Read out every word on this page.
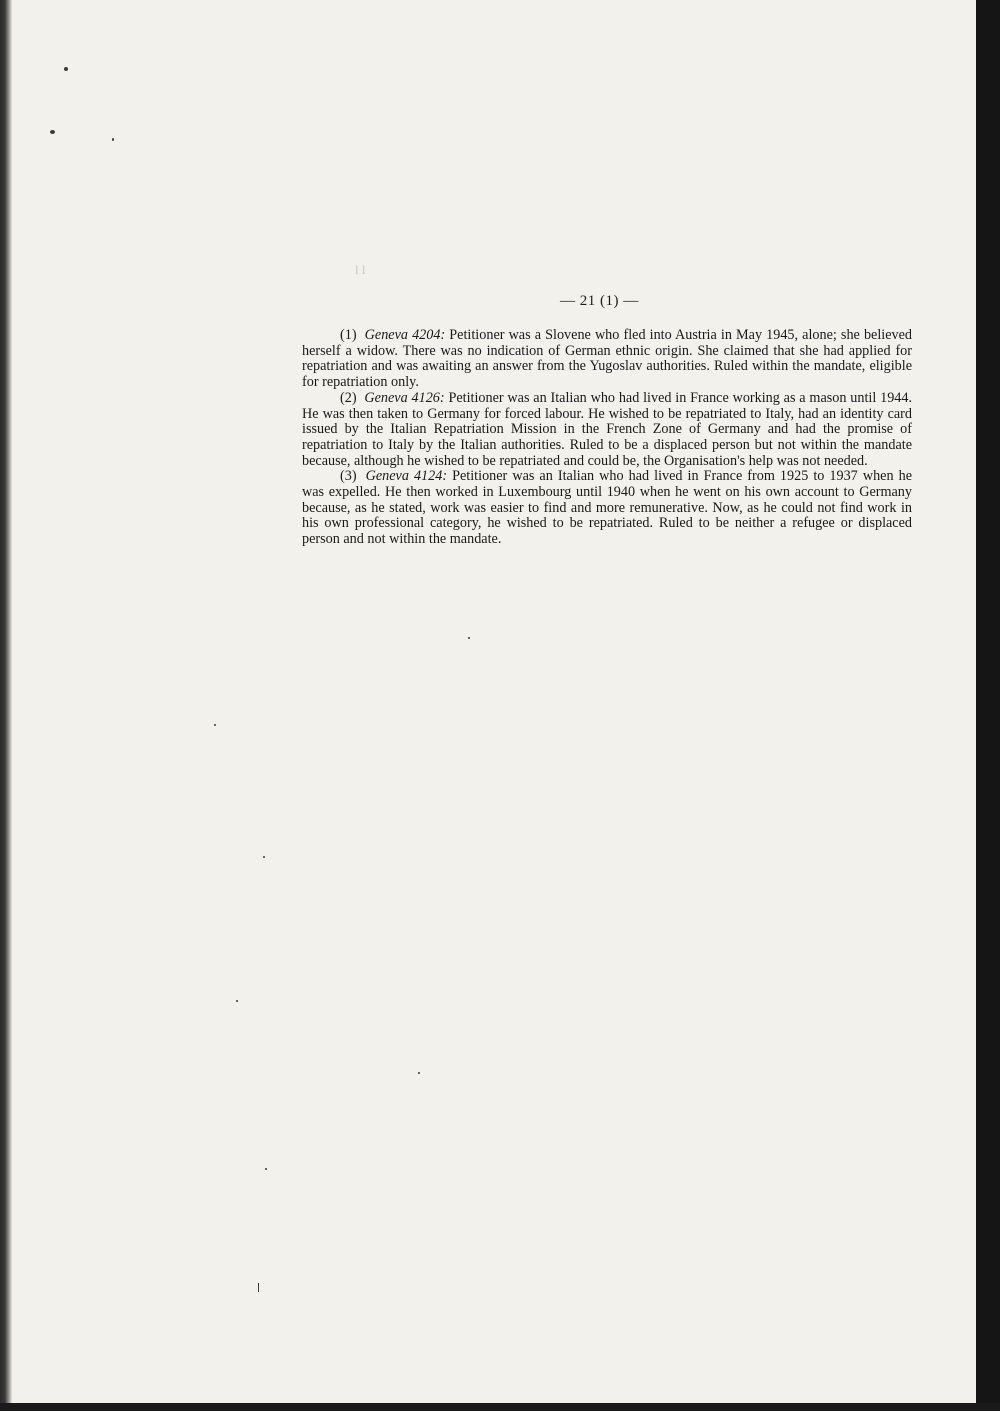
l l
— 21 (1) —

(1) Geneva 4204: Petitioner was a Slovene who fled into Austria in May 1945, alone; she believed herself a widow. There was no indication of German ethnic origin. She claimed that she had applied for repatriation and was awaiting an answer from the Yugoslav authorities. Ruled within the mandate, eligible for repatriation only.

(2) Geneva 4126: Petitioner was an Italian who had lived in France working as a mason until 1944. He was then taken to Germany for forced labour. He wished to be repatriated to Italy, had an identity card issued by the Italian Repatriation Mission in the French Zone of Germany and had the promise of repatriation to Italy by the Italian authorities. Ruled to be a displaced person but not within the mandate because, although he wished to be repatriated and could be, the Organisation's help was not needed.

(3) Geneva 4124: Petitioner was an Italian who had lived in France from 1925 to 1937 when he was expelled. He then worked in Luxembourg until 1940 when he went on his own account to Germany because, as he stated, work was easier to find and more remunerative. Now, as he could not find work in his own professional category, he wished to be repatriated. Ruled to be neither a refugee or displaced person and not within the mandate.
